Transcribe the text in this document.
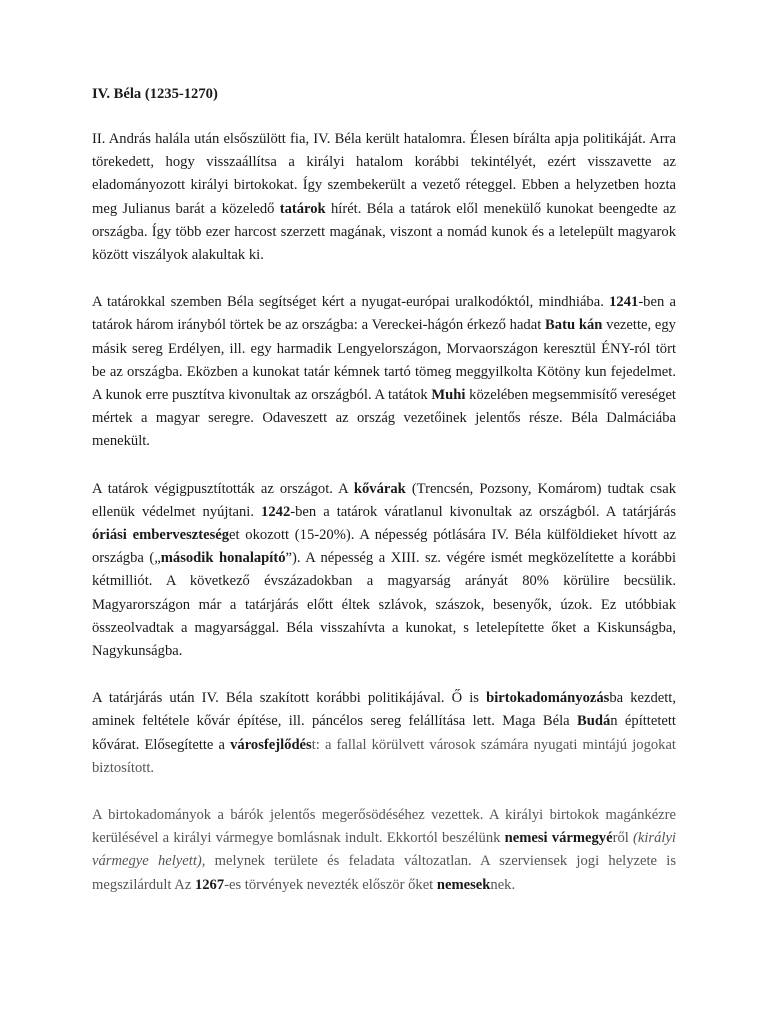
IV. Béla (1235-1270)

II. András halála után elsőszülött fia, IV. Béla került hatalomra. Élesen bírálta apja politikáját. Arra törekedett, hogy visszaállítsa a királyi hatalom korábbi tekintélyét, ezért visszavette az eladományozott királyi birtokokat. Így szembekerült a vezető réteggel. Ebben a helyzetben hozta meg Julianus barát a közeledő tatárok hírét. Béla a tatárok elől menekülő kunokat beengedte az országba. Így több ezer harcost szerzett magának, viszont a nomád kunok és a letelepült magyarok között viszályok alakultak ki.

A tatárokkal szemben Béla segítséget kért a nyugat-európai uralkodóktól, mindhiába. 1241-ben a tatárok három irányból törtek be az országba: a Vereckei-hágón érkező hadat Batu kán vezette, egy másik sereg Erdélyen, ill. egy harmadik Lengyelországon, Morvaországon keresztül ÉNY-ról tört be az országba. Eközben a kunokat tatár kémnek tartó tömeg meggyilkolta Kötöny kun fejedelmet. A kunok erre pusztítva kivonultak az országból. A tatátok Muhi közelében megsemmisítő vereséget mértek a magyar seregre. Odaveszett az ország vezetőinek jelentős része. Béla Dalmáciába menekült.

A tatárok végigpusztították az országot. A kővárak (Trencsén, Pozsony, Komárom) tudtak csak ellenük védelmet nyújtani. 1242-ben a tatárok váratlanul kivonultak az országból. A tatárjárás óriási emberveszteséget okozott (15-20%). A népesség pótlására IV. Béla külföldieket hívott az országba („második honalapító”). A népesség a XIII. sz. végére ismét megközelítette a korábbi kétmilliót. A következő évszázadokban a magyarság arányát 80% körülire becsülik. Magyarországon már a tatárjárás előtt éltek szlávok, szászok, besenyők, úzok. Ez utóbbiak összeolvadtak a magyarsággal. Béla visszahívta a kunokat, s letelepítette őket a Kiskunságba, Nagykunságba.

A tatárjárás után IV. Béla szakított korábbi politikájával. Ő is birtokadományozásba kezdett, aminek feltétele kővár építése, ill. páncélos sereg felállítása lett. Maga Béla Budán építtetett kővárat. Elősegítette a városfejlődést: a fallal körülvett városok számára nyugati mintájú jogokat biztosított.

A birtokadományok a bárók jelentős megerősödéséhez vezettek. A királyi birtokok magánkézre kerülésével a királyi vármegye bomlásnak indult. Ekkortól beszélünk nemesi vármegyéről (királyi vármegye helyett), melynek területe és feladata változatlan. A szerviensek jogi helyzete is megszilárdult Az 1267-es törvények nevezték először őket nemeseknek.
